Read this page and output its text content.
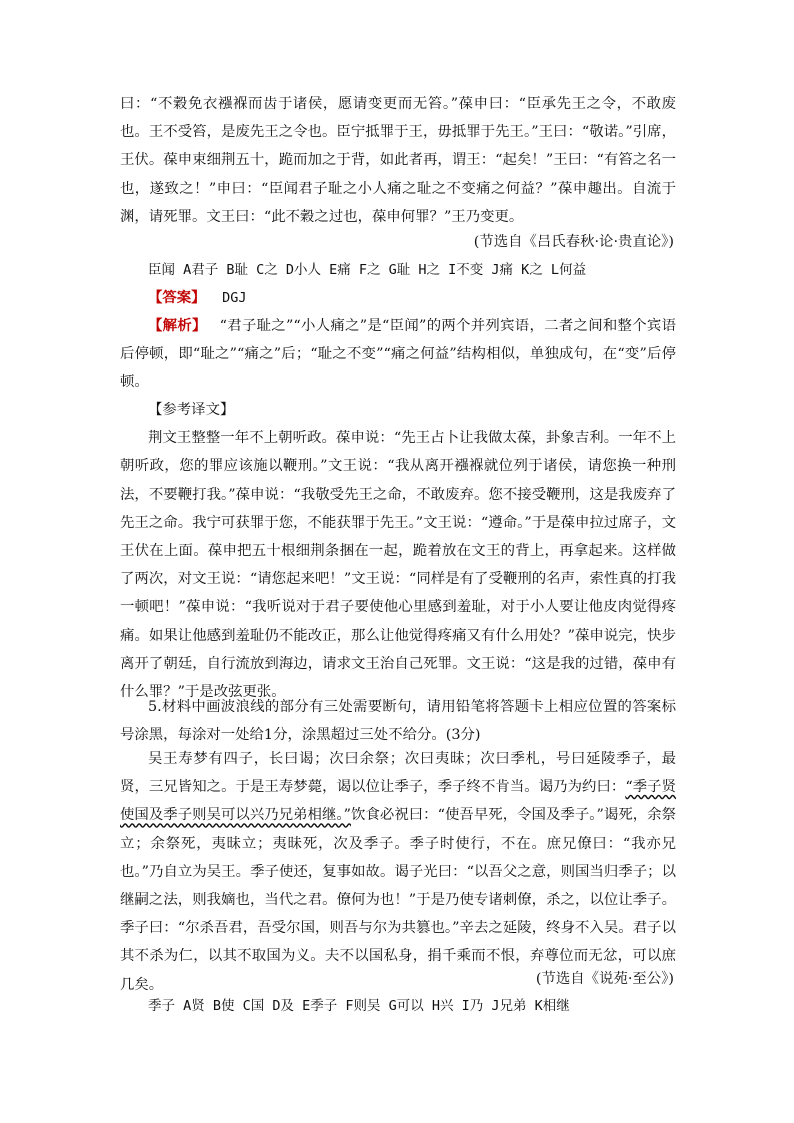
曰：“不穀免衣襁褓而齿于诸侯，愿请变更而无笞。”葆申曰：“臣承先王之令，不敢废也。王不受笞，是废先王之令也。臣宁抵罪于王，毋抵罪于先王。”王曰：“敬诺。”引席，王伏。葆申束细荆五十，跪而加之于背，如此者再，谓王：“起矣！”王曰：“有笞之名一也，遂致之！”申曰：“臣闻君子耻之小人痛之耻之不变痛之何益？”葆申趣出。自流于渊，请死罪。文王曰：“此不穀之过也，葆申何罪？”王乃变更。

(节选自《吕氏春秋·论·贵直论》)

臣闻 A君子 B耻 C之 D小人 E痛 F之 G耻 H之 I不变 J痛 K之 L何益

【答案】 DGJ

【解析】 “君子耻之”“小人痛之”是“臣闻”的两个并列宾语，二者之间和整个宾语后停顿，即“耻之”“痛之”后；“耻之不变”“痛之何益”结构相似，单独成句，在“变”后停顿。

【参考译文】

荆文王整整一年不上朝听政。葆申说：“先王占卜让我做太葆，卦象吉利。一年不上朝听政，您的罪应该施以鞭刑。”文王说：“我从离开襁褓就位列于诸侯，请您换一种刑法，不要鞭打我。”葆申说：“我敬受先王之命，不敢废弃。您不接受鞭刑，这是我废弃了先王之命。我宁可获罪于您，不能获罪于先王。”文王说：“遵命。”于是葆申拉过席子，文王伏在上面。葆申把五十根细荆条捆在一起，跪着放在文王的背上，再拿起来。这样做了两次，对文王说：“请您起来吧！”文王说：“同样是有了受鞭刑的名声，索性真的打我一顿吧！”葆申说：“我听说对于君子要使他心里感到羞耻，对于小人要让他皮肉觉得疼痛。如果让他感到羞耻仍不能改正，那么让他觉得疼痛又有什么用处？”葆申说完，快步离开了朝廷，自行流放到海边，请求文王治自己死罪。文王说：“这是我的过错，葆申有什么罪？”于是改弦更张。

5.材料中画波浪线的部分有三处需要断句，请用铅笔将答题卡上相应位置的答案标号涂黑，每涂对一处给1分，涂黑超过三处不给分。(3分)

吴王寿梦有四子，长曰谒；次曰余祭；次曰夷昧；次曰季札，号曰延陵季子，最贤，三兄皆知之。于是王寿梦薨，谒以位让季子，季子终不肯当。谒乃为约曰：“季子贤使国及季子则吴可以兴乃兄弟相继。”饮食必祝曰：“使吾早死，令国及季子。”谒死，余祭立；余祭死，夷昧立；夷昧死，次及季子。季子时使行，不在。庶兄僚曰：“我亦兄也。”乃自立为吴王。季子使还，复事如故。谒子光曰：“以吾父之意，则国当归季子；以继嗣之法，则我嫡也，当代之君。僚何为也！”于是乃使专诸刺僚，杀之，以位让季子。季子曰：“尔杀吾君，吾受尔国，则吾与尔为共篡也。”辛去之延陵，终身不入吴。君子以其不杀为仁，以其不取国为义。夫不以国私身，捐千乘而不恨，弃尊位而无忿，可以庶几矣。	(节选自《说苑·至公》)

季子 A贤 B使 C国 D及 E季子 F则吴 G可以 H兴 I乃 J兄弟 K相继
